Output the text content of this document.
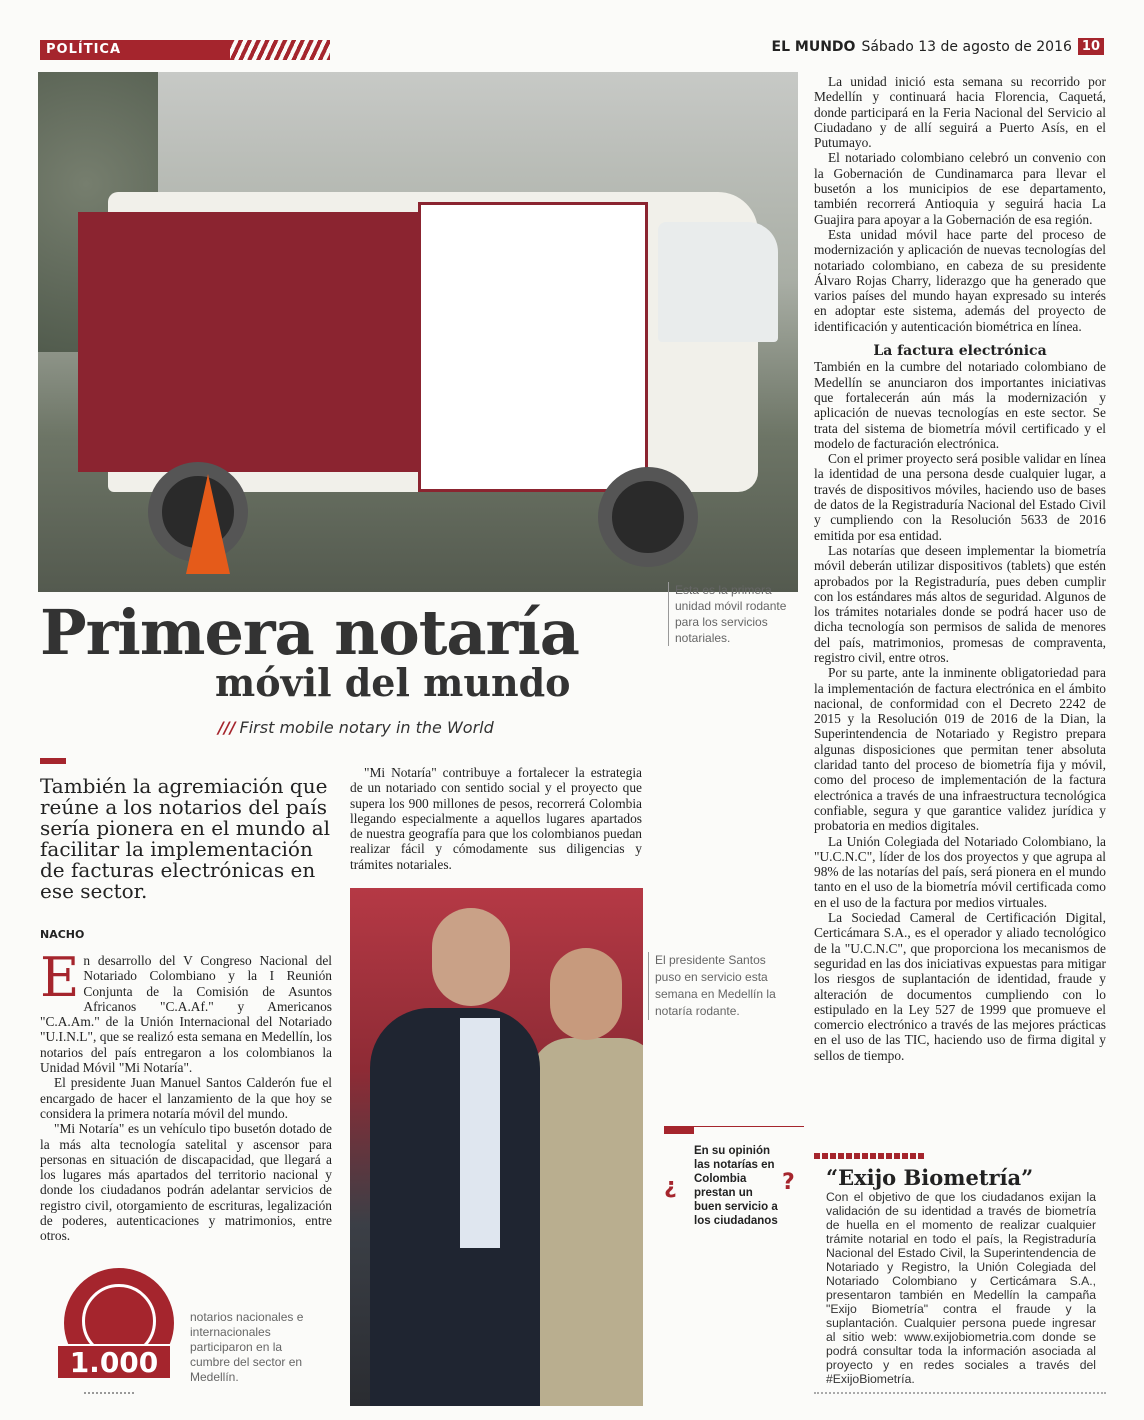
POLÍTICA	EL MUNDO Sábado 13 de agosto de 2016 10
Esta es la primera unidad móvil rodante para los servicios notariales.
Primera notaría
móvil del mundo
/// First mobile notary in the World
También la agremiación que reúne a los notarios del país sería pionera en el mundo al facilitar la implementación de facturas electrónicas en ese sector.
NACHO

En desarrollo del V Congreso Nacional del Notariado Colombiano y la I Reunión Conjunta de la Comisión de Asuntos Africanos "C.A.Af." y Americanos "C.A.Am." de la Unión Internacional del Notariado "U.I.N.L", que se realizó esta semana en Medellín, los notarios del país entregaron a los colombianos la Unidad Móvil "Mi Notaría".

El presidente Juan Manuel Santos Calderón fue el encargado de hacer el lanzamiento de la que hoy se considera la primera notaría móvil del mundo.

"Mi Notaría" es un vehículo tipo busetón dotado de la más alta tecnología satelital y ascensor para personas en situación de discapacidad, que llegará a los lugares más apartados del territorio nacional y donde los ciudadanos podrán adelantar servicios de registro civil, otorgamiento de escrituras, legalización de poderes, autenticaciones y matrimonios, entre otros.

"Mi Notaría" contribuye a fortalecer la estrategia de un notariado con sentido social y el proyecto que supera los 900 millones de pesos, recorrerá Colombia llegando especialmente a aquellos lugares apartados de nuestra geografía para que los colombianos puedan realizar fácil y cómodamente sus diligencias y trámites notariales.

El presidente Santos puso en servicio esta semana en Medellín la notaría rodante.
¿
En su opinión las notarías en Colombia prestan un buen servicio a los ciudadanos
?
1.000
notarios nacionales e internacionales participaron en la cumbre del sector en Medellín.

La unidad inició esta semana su recorrido por Medellín y continuará hacia Florencia, Caquetá, donde participará en la Feria Nacional del Servicio al Ciudadano y de allí seguirá a Puerto Asís, en el Putumayo.

El notariado colombiano celebró un convenio con la Gobernación de Cundinamarca para llevar el busetón a los municipios de ese departamento, también recorrerá Antioquia y seguirá hacia La Guajira para apoyar a la Gobernación de esa región.

Esta unidad móvil hace parte del proceso de modernización y aplicación de nuevas tecnologías del notariado colombiano, en cabeza de su presidente Álvaro Rojas Charry, liderazgo que ha generado que varios países del mundo hayan expresado su interés en adoptar este sistema, además del proyecto de identificación y autenticación biométrica en línea.

La factura electrónica

También en la cumbre del notariado colombiano de Medellín se anunciaron dos importantes iniciativas que fortalecerán aún más la modernización y aplicación de nuevas tecnologías en este sector. Se trata del sistema de biometría móvil certificado y el modelo de facturación electrónica.

Con el primer proyecto será posible validar en línea la identidad de una persona desde cualquier lugar, a través de dispositivos móviles, haciendo uso de bases de datos de la Registraduría Nacional del Estado Civil y cumpliendo con la Resolución 5633 de 2016 emitida por esa entidad.

Las notarías que deseen implementar la biometría móvil deberán utilizar dispositivos (tablets) que estén aprobados por la Registraduría, pues deben cumplir con los estándares más altos de seguridad. Algunos de los trámites notariales donde se podrá hacer uso de dicha tecnología son permisos de salida de menores del país, matrimonios, promesas de compraventa, registro civil, entre otros.

Por su parte, ante la inminente obligatoriedad para la implementación de factura electrónica en el ámbito nacional, de conformidad con el Decreto 2242 de 2015 y la Resolución 019 de 2016 de la Dian, la Superintendencia de Notariado y Registro prepara algunas disposiciones que permitan tener absoluta claridad tanto del proceso de biometría fija y móvil, como del proceso de implementación de la factura electrónica a través de una infraestructura tecnológica confiable, segura y que garantice validez jurídica y probatoria en medios digitales.

La Unión Colegiada del Notariado Colombiano, la "U.C.N.C", líder de los dos proyectos y que agrupa al 98% de las notarías del país, será pionera en el mundo tanto en el uso de la biometría móvil certificada como en el uso de la factura por medios virtuales.

La Sociedad Cameral de Certificación Digital, Certicámara S.A., es el operador y aliado tecnológico de la "U.C.N.C", que proporciona los mecanismos de seguridad en las dos iniciativas expuestas para mitigar los riesgos de suplantación de identidad, fraude y alteración de documentos cumpliendo con lo estipulado en la Ley 527 de 1999 que promueve el comercio electrónico a través de las mejores prácticas en el uso de las TIC, haciendo uso de firma digital y sellos de tiempo.

“Exijo Biometría”
Con el objetivo de que los ciudadanos exijan la validación de su identidad a través de biometría de huella en el momento de realizar cualquier trámite notarial en todo el país, la Registraduría Nacional del Estado Civil, la Superintendencia de Notariado y Registro, la Unión Colegiada del Notariado Colombiano y Certicámara S.A., presentaron también en Medellín la campaña "Exijo Biometría" contra el fraude y la suplantación. Cualquier persona puede ingresar al sitio web: www.exijobiometria.com donde se podrá consultar toda la información asociada al proyecto y en redes sociales a través del #ExijoBiometría.
